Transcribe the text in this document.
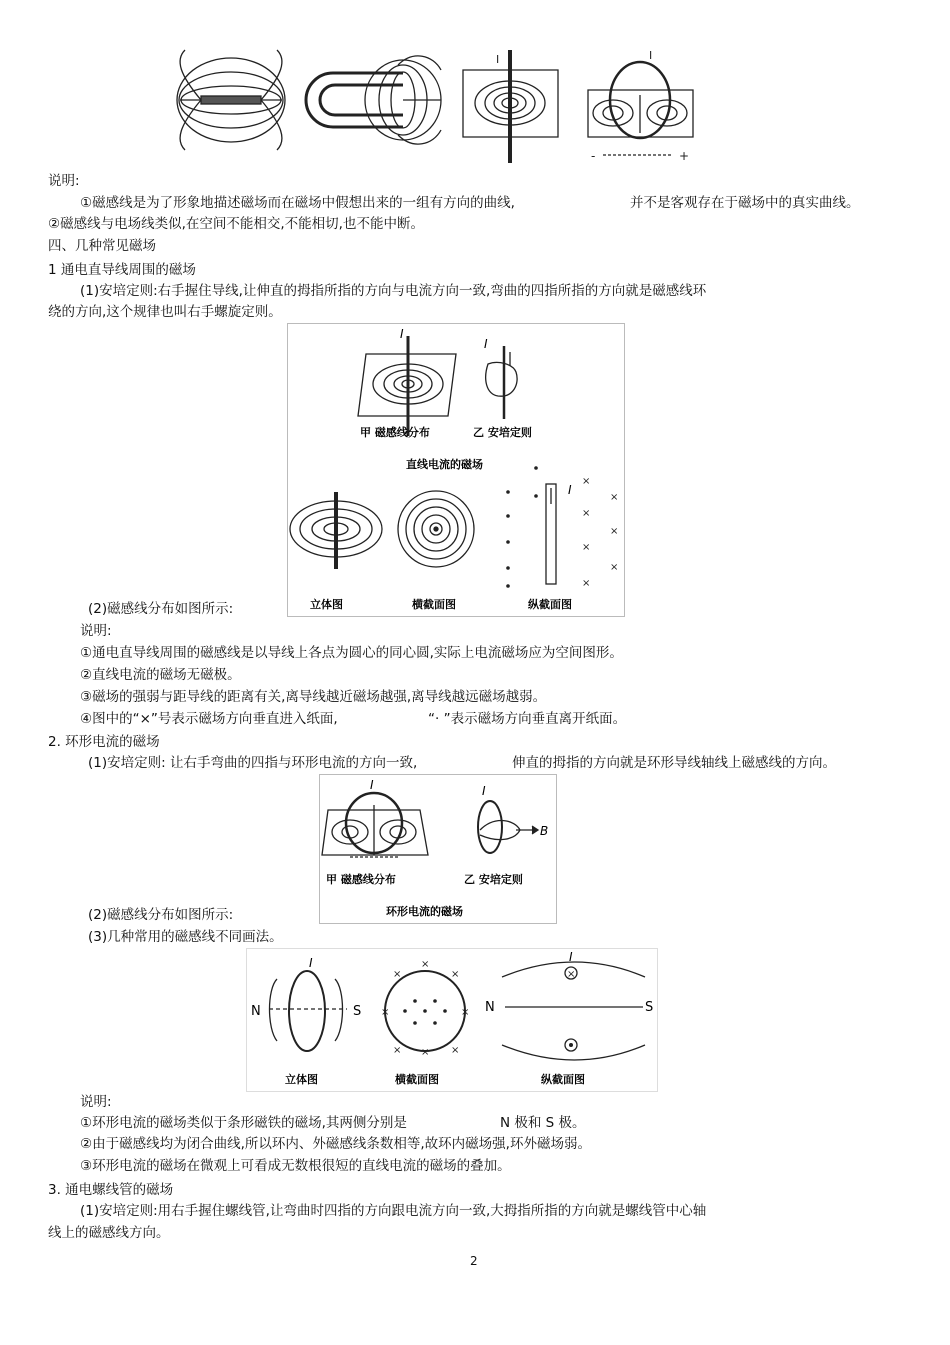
I	I
-	+
说明:
①磁感线是为了形象地描述磁场而在磁场中假想出来的一组有方向的曲线,	并不是客观存在于磁场中的真实曲线。
②磁感线与电场线类似,在空间不能相交,不能相切,也不能中断。
四、几种常见磁场
1 通电直导线周围的磁场
(1)安培定则:右手握住导线,让伸直的拇指所指的方向与电流方向一致,弯曲的四指所指的方向就是磁感线环
绕的方向,这个规律也叫右手螺旋定则。
×
×
×
×
×
×
×
I
I
I
甲 磁感线分布	乙 安培定则
直线电流的磁场
立体图	横截面图	纵截面图
(2)磁感线分布如图所示:
说明:
①通电直导线周围的磁感线是以导线上各点为圆心的同心圆,实际上电流磁场应为空间图形。
②直线电流的磁场无磁极。
③磁场的强弱与距导线的距离有关,离导线越近磁场越强,离导线越远磁场越弱。
④图中的“×”号表示磁场方向垂直进入纸面,	“· ”表示磁场方向垂直离开纸面。
2. 环形电流的磁场
(1)安培定则: 让右手弯曲的四指与环形电流的方向一致,	伸直的拇指的方向就是环形导线轴线上磁感线的方向。
I	I
B
甲 磁感线分布	乙 安培定则
环形电流的磁场
(2)磁感线分布如图所示:
(3)几种常用的磁感线不同画法。
×	×
×
×
×
× × ×
×
N	S
I
N	S
I
立体图	横截面图	纵截面图
说明:
①环形电流的磁场类似于条形磁铁的磁场,其两侧分别是	N 极和 S 极。
②由于磁感线均为闭合曲线,所以环内、外磁感线条数相等,故环内磁场强,环外磁场弱。
③环形电流的磁场在微观上可看成无数根很短的直线电流的磁场的叠加。
3. 通电螺线管的磁场
(1)安培定则:用右手握住螺线管,让弯曲时四指的方向跟电流方向一致,大拇指所指的方向就是螺线管中心轴
线上的磁感线方向。
2
